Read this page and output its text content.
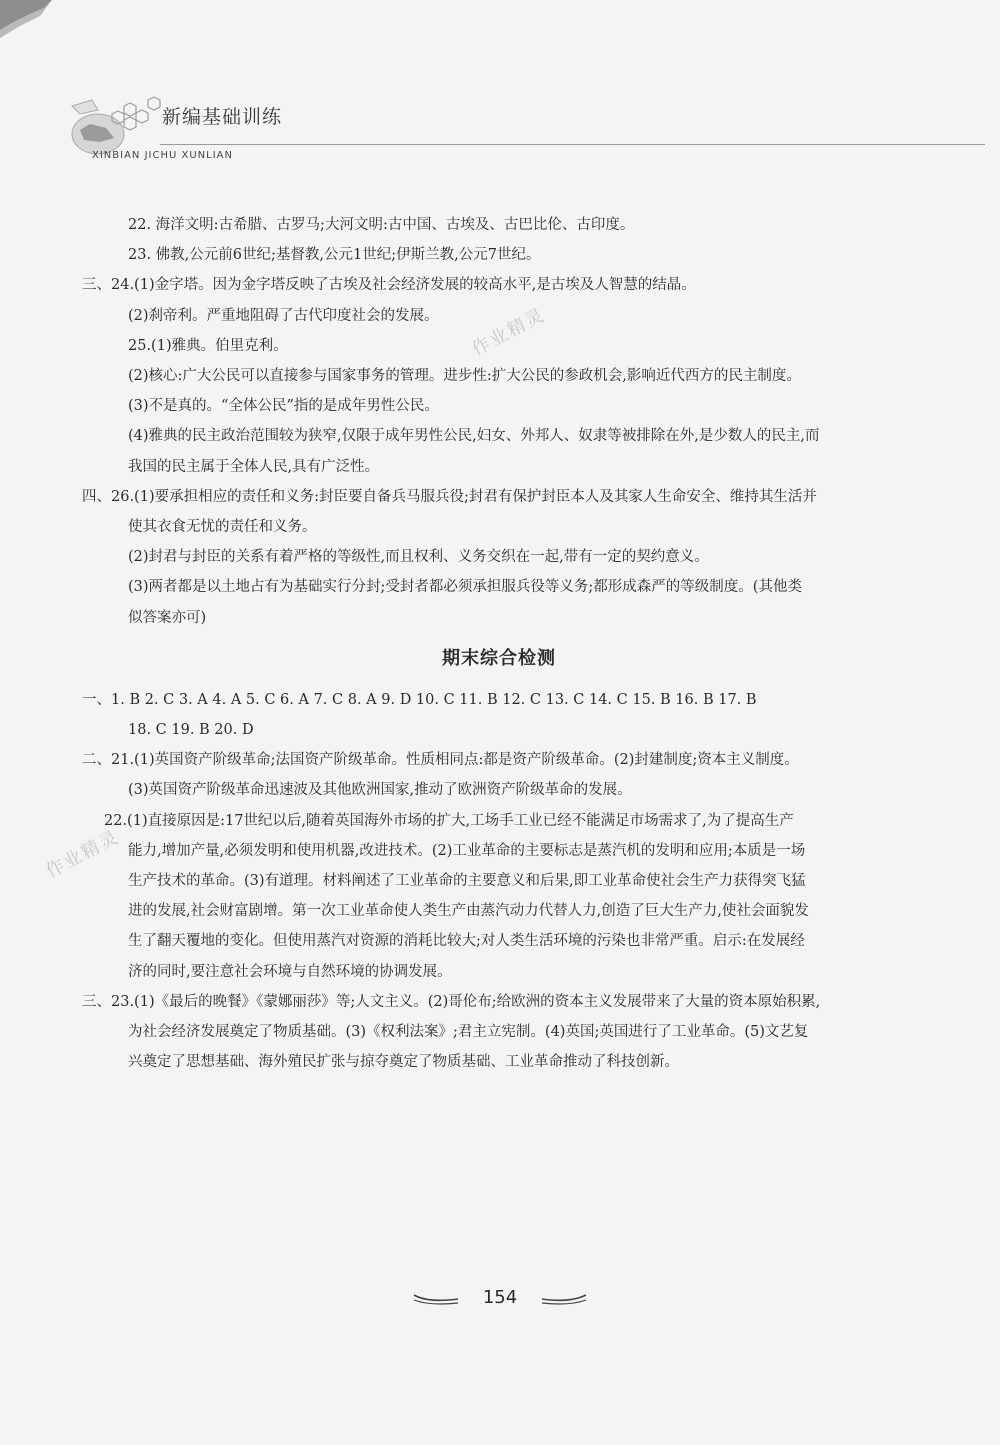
新编基础训练
XINBIAN JICHU XUNLIAN
作业精灵
作业精灵
22. 海洋文明:古希腊、古罗马;大河文明:古中国、古埃及、古巴比伦、古印度。
23. 佛教,公元前6世纪;基督教,公元1世纪;伊斯兰教,公元7世纪。
三、24.(1)金字塔。因为金字塔反映了古埃及社会经济发展的较高水平,是古埃及人智慧的结晶。
(2)刹帝利。严重地阻碍了古代印度社会的发展。
25.(1)雅典。伯里克利。
(2)核心:广大公民可以直接参与国家事务的管理。进步性:扩大公民的参政机会,影响近代西方的民主制度。
(3)不是真的。“全体公民”指的是成年男性公民。
(4)雅典的民主政治范围较为狭窄,仅限于成年男性公民,妇女、外邦人、奴隶等被排除在外,是少数人的民主,而
我国的民主属于全体人民,具有广泛性。
四、26.(1)要承担相应的责任和义务:封臣要自备兵马服兵役;封君有保护封臣本人及其家人生命安全、维持其生活并
使其衣食无忧的责任和义务。
(2)封君与封臣的关系有着严格的等级性,而且权利、义务交织在一起,带有一定的契约意义。
(3)两者都是以土地占有为基础实行分封;受封者都必须承担服兵役等义务;都形成森严的等级制度。(其他类
似答案亦可)
期末综合检测
一、1. B 2. C 3. A 4. A 5. C 6. A 7. C 8. A 9. D 10. C 11. B 12. C 13. C 14. C 15. B 16. B 17. B
18. C 19. B 20. D
二、21.(1)英国资产阶级革命;法国资产阶级革命。性质相同点:都是资产阶级革命。(2)封建制度;资本主义制度。
(3)英国资产阶级革命迅速波及其他欧洲国家,推动了欧洲资产阶级革命的发展。
22.(1)直接原因是:17世纪以后,随着英国海外市场的扩大,工场手工业已经不能满足市场需求了,为了提高生产
能力,增加产量,必须发明和使用机器,改进技术。(2)工业革命的主要标志是蒸汽机的发明和应用;本质是一场
生产技术的革命。(3)有道理。材料阐述了工业革命的主要意义和后果,即工业革命使社会生产力获得突飞猛
进的发展,社会财富剧增。第一次工业革命使人类生产由蒸汽动力代替人力,创造了巨大生产力,使社会面貌发
生了翻天覆地的变化。但使用蒸汽对资源的消耗比较大;对人类生活环境的污染也非常严重。启示:在发展经
济的同时,要注意社会环境与自然环境的协调发展。
三、23.(1)《最后的晚餐》《蒙娜丽莎》等;人文主义。(2)哥伦布;给欧洲的资本主义发展带来了大量的资本原始积累,
为社会经济发展奠定了物质基础。(3)《权利法案》;君主立宪制。(4)英国;英国进行了工业革命。(5)文艺复
兴奠定了思想基础、海外殖民扩张与掠夺奠定了物质基础、工业革命推动了科技创新。
154
